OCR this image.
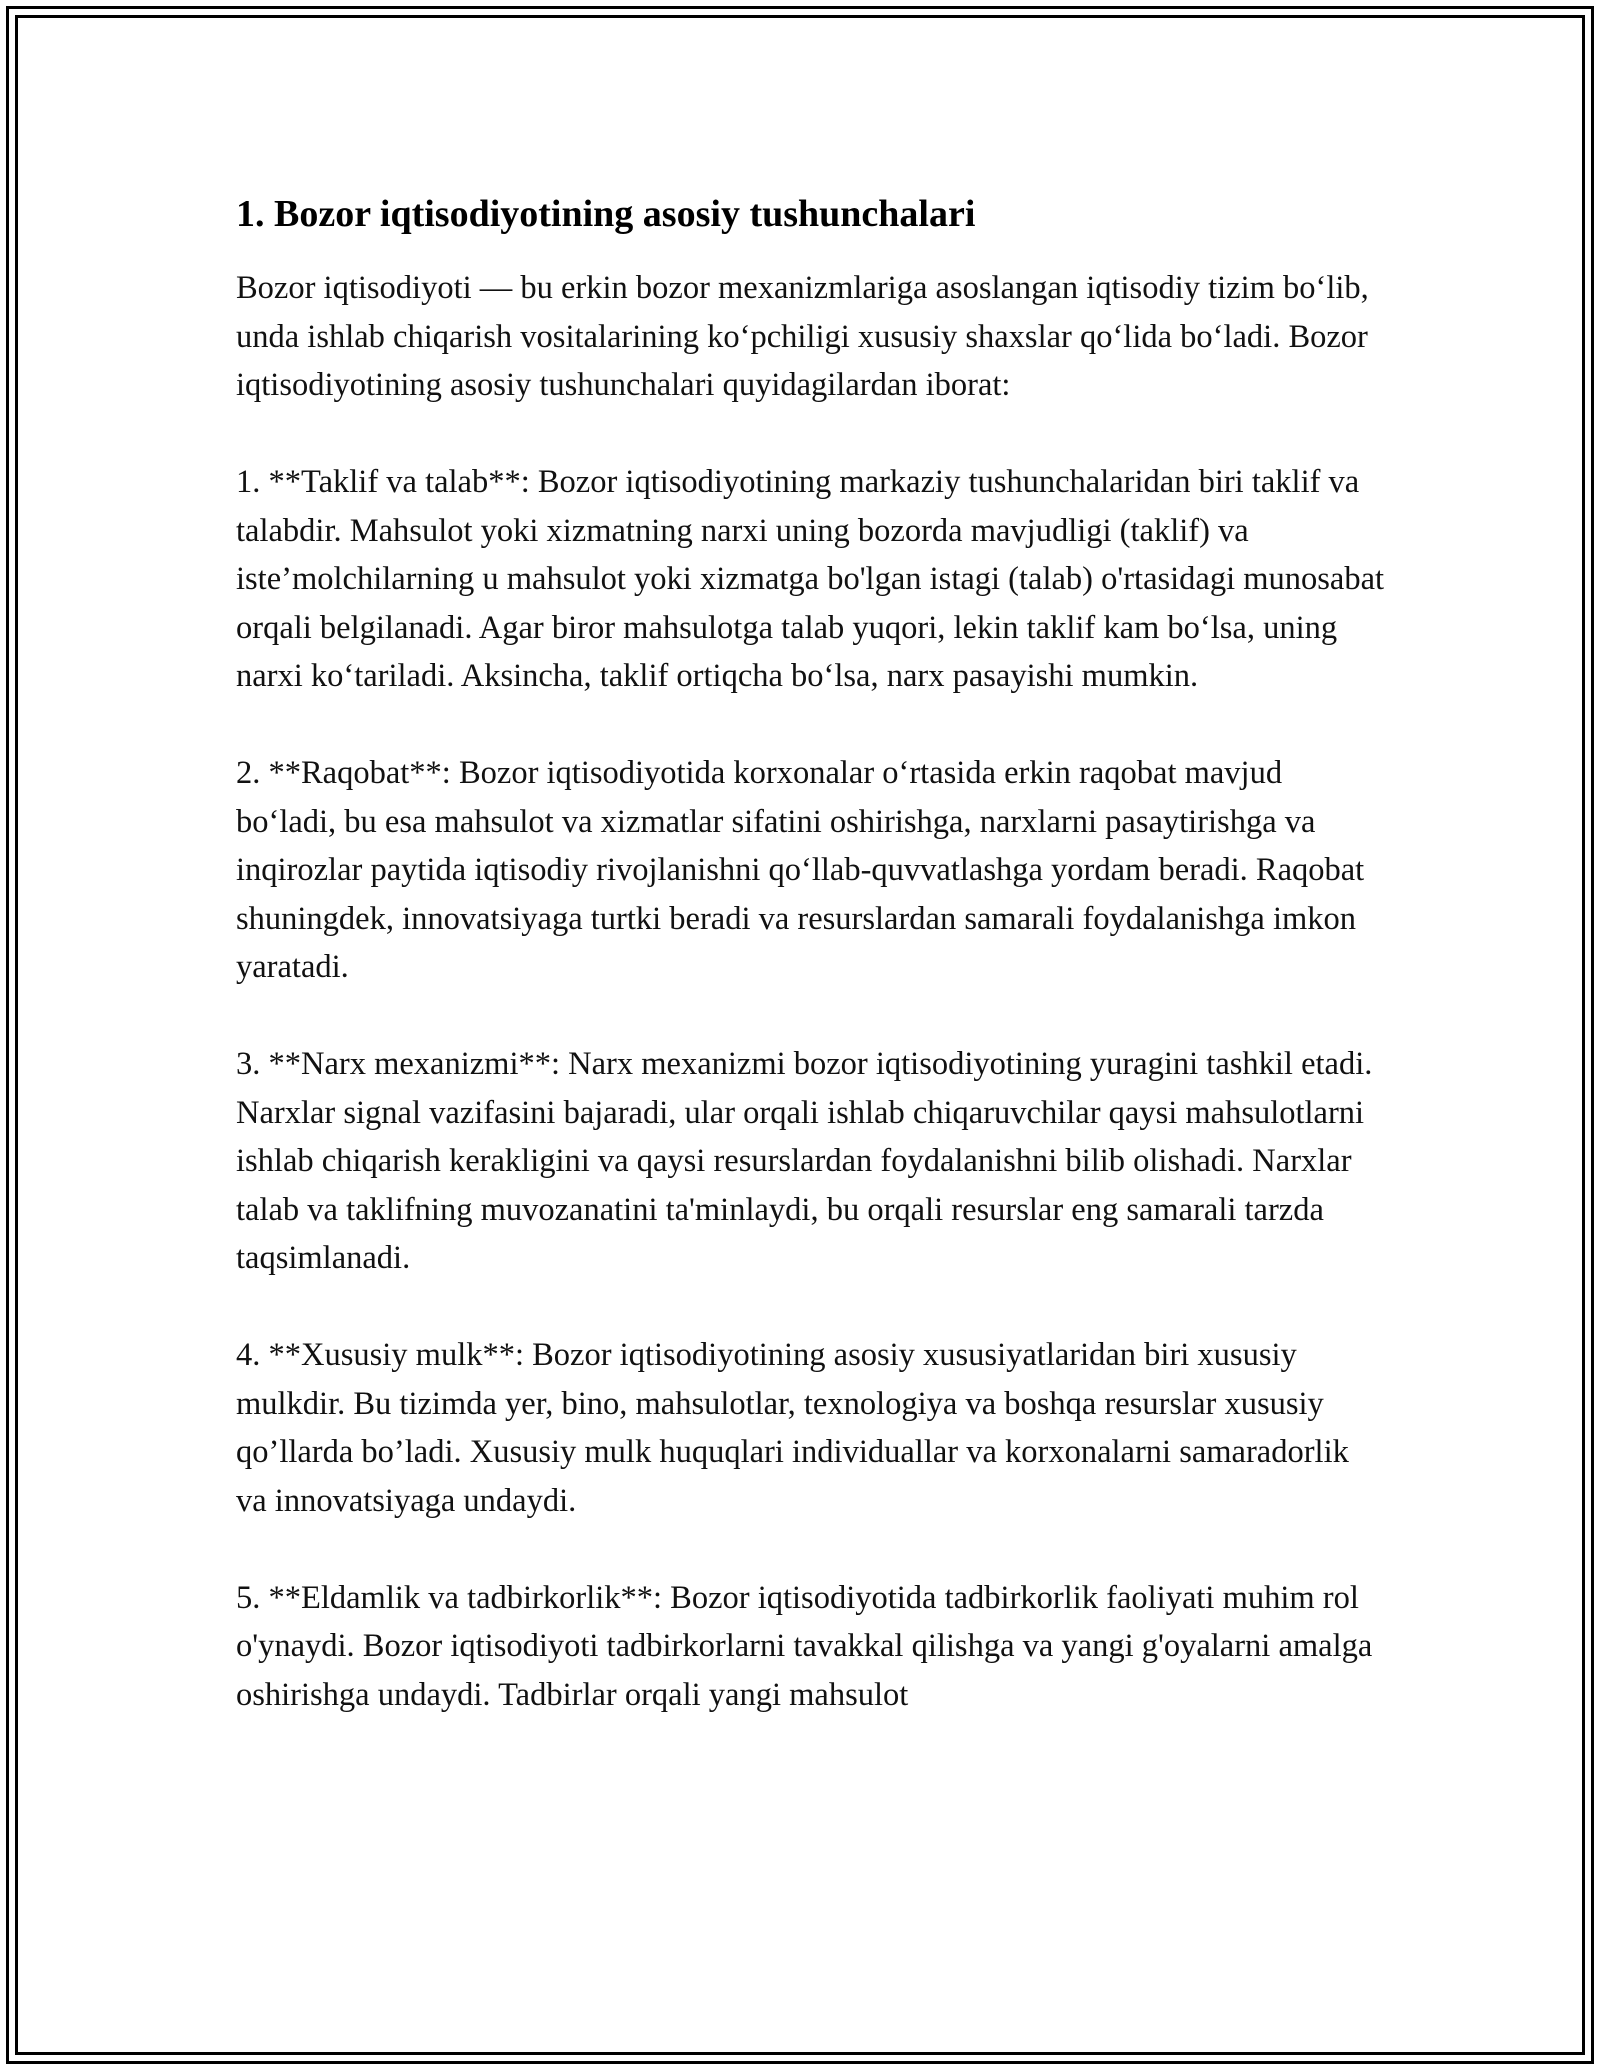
1. Bozor iqtisodiyotining asosiy tushunchalari

Bozor iqtisodiyoti — bu erkin bozor mexanizmlariga asoslangan iqtisodiy tizim bo‘lib, unda ishlab chiqarish vositalarining ko‘pchiligi xususiy shaxslar qo‘lida bo‘ladi. Bozor iqtisodiyotining asosiy tushunchalari quyidagilardan iborat:

1. **Taklif va talab**: Bozor iqtisodiyotining markaziy tushunchalaridan biri taklif va talabdir. Mahsulot yoki xizmatning narxi uning bozorda mavjudligi (taklif) va iste’molchilarning u mahsulot yoki xizmatga bo'lgan istagi (talab) o'rtasidagi munosabat orqali belgilanadi. Agar biror mahsulotga talab yuqori, lekin taklif kam bo‘lsa, uning narxi ko‘tariladi. Aksincha, taklif ortiqcha bo‘lsa, narx pasayishi mumkin.

2. **Raqobat**: Bozor iqtisodiyotida korxonalar o‘rtasida erkin raqobat mavjud bo‘ladi, bu esa mahsulot va xizmatlar sifatini oshirishga, narxlarni pasaytirishga va inqirozlar paytida iqtisodiy rivojlanishni qo‘llab-quvvatlashga yordam beradi. Raqobat shuningdek, innovatsiyaga turtki beradi va resurslardan samarali foydalanishga imkon yaratadi.

3. **Narx mexanizmi**: Narx mexanizmi bozor iqtisodiyotining yuragini tashkil etadi. Narxlar signal vazifasini bajaradi, ular orqali ishlab chiqaruvchilar qaysi mahsulotlarni ishlab chiqarish kerakligini va qaysi resurslardan foydalanishni bilib olishadi. Narxlar talab va taklifning muvozanatini ta'minlaydi, bu orqali resurslar eng samarali tarzda taqsimlanadi.

4. **Xususiy mulk**: Bozor iqtisodiyotining asosiy xususiyatlaridan biri xususiy mulkdir. Bu tizimda yer, bino, mahsulotlar, texnologiya va boshqa resurslar xususiy qo’llarda bo’ladi. Xususiy mulk huquqlari individuallar va korxonalarni samaradorlik va innovatsiyaga undaydi.

5. **Eldamlik va tadbirkorlik**: Bozor iqtisodiyotida tadbirkorlik faoliyati muhim rol o'ynaydi. Bozor iqtisodiyoti tadbirkorlarni tavakkal qilishga va yangi g'oyalarni amalga oshirishga undaydi. Tadbirlar orqali yangi mahsulot
